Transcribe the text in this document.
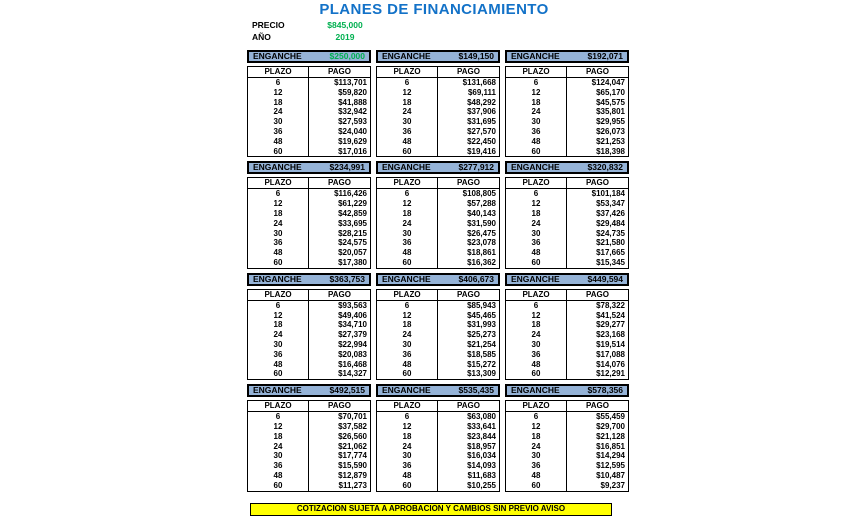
PLANES DE FINANCIAMIENTO
PRECIO	$845,000
AÑO	2019
ENGANCHE	$250,000
PLAZO	PAGO
6	$113,701
12	$59,820
18	$41,888
24	$32,942
30	$27,593
36	$24,040
48	$19,629
60	$17,016
ENGANCHE	$149,150
PLAZO	PAGO
6	$131,668
12	$69,111
18	$48,292
24	$37,906
30	$31,695
36	$27,570
48	$22,450
60	$19,416
ENGANCHE	$192,071
PLAZO	PAGO
6	$124,047
12	$65,170
18	$45,575
24	$35,801
30	$29,955
36	$26,073
48	$21,253
60	$18,398
ENGANCHE	$234,991
PLAZO	PAGO
6	$116,426
12	$61,229
18	$42,859
24	$33,695
30	$28,215
36	$24,575
48	$20,057
60	$17,380
ENGANCHE	$277,912
PLAZO	PAGO
6	$108,805
12	$57,288
18	$40,143
24	$31,590
30	$26,475
36	$23,078
48	$18,861
60	$16,362
ENGANCHE	$320,832
PLAZO	PAGO
6	$101,184
12	$53,347
18	$37,426
24	$29,484
30	$24,735
36	$21,580
48	$17,665
60	$15,345
ENGANCHE	$363,753
PLAZO	PAGO
6	$93,563
12	$49,406
18	$34,710
24	$27,379
30	$22,994
36	$20,083
48	$16,468
60	$14,327
ENGANCHE	$406,673
PLAZO	PAGO
6	$85,943
12	$45,465
18	$31,993
24	$25,273
30	$21,254
36	$18,585
48	$15,272
60	$13,309
ENGANCHE	$449,594
PLAZO	PAGO
6	$78,322
12	$41,524
18	$29,277
24	$23,168
30	$19,514
36	$17,088
48	$14,076
60	$12,291
ENGANCHE	$492,515
PLAZO	PAGO
6	$70,701
12	$37,582
18	$26,560
24	$21,062
30	$17,774
36	$15,590
48	$12,879
60	$11,273
ENGANCHE	$535,435
PLAZO	PAGO
6	$63,080
12	$33,641
18	$23,844
24	$18,957
30	$16,034
36	$14,093
48	$11,683
60	$10,255
ENGANCHE	$578,356
PLAZO	PAGO
6	$55,459
12	$29,700
18	$21,128
24	$16,851
30	$14,294
36	$12,595
48	$10,487
60	$9,237
COTIZACION SUJETA A APROBACION Y CAMBIOS SIN PREVIO AVISO
